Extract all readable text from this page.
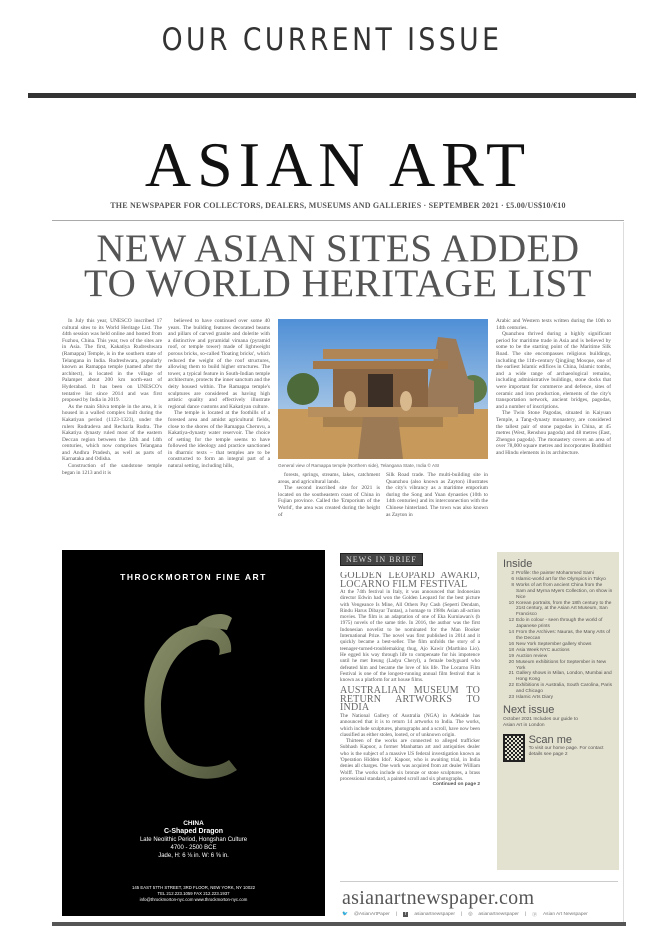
OUR CURRENT ISSUE
ASIAN ART
THE NEWSPAPER FOR COLLECTORS, DEALERS, MUSEUMS AND GALLERIES · SEPTEMBER 2021 · £5.00/US$10/€10
NEW ASIAN SITES ADDED
TO WORLD HERITAGE LIST

In July this year, UNESCO inscribed 17 cultural sites to its World Heritage List. The 44th session was held online and hosted from Fuzhou, China. This year, two of the sites are in Asia. The first, Kakatiya Rudreshwara (Ramappa) Temple, is in the southern state of Telangana in India. Rudreshwara, popularly known as Ramappa temple (named after the architect), is located in the village of Palampet about 200 km north-east of Hyderabad. It has been on UNESCO's tentative list since 2014 and was first proposed by India in 2019.

As the main Shiva temple in the area, it is housed in a walled complex built during the Kakatiyan period (1123-1323), under the rulers Rudradeva and Recharla Rudra. The Kakatiya dynasty ruled most of the eastern Deccan region between the 12th and 14th centuries, which now comprises Telangana and Andhra Pradesh, as well as parts of Karnataka and Odisha.

Construction of the sandstone temple began in 1213 and it is

believed to have continued over some 40 years. The building features decorated beams and pillars of carved granite and dolerite with a distinctive and pyramidal vimana (pyramid roof, or temple tower) made of lightweight porous bricks, so-called 'floating bricks', which reduced the weight of the roof structures, allowing them to build higher structures. The tower, a typical feature in South-Indian temple architecture, protects the inner sanctum and the deity housed within. The Ramappa temple's sculptures are considered as having high artistic quality and effectively illustrate regional dance customs and Kakatiyan culture.

The temple is located at the foothills of a forested area and amidst agricultural fields, close to the shores of the Ramappa Cheruvu, a Kakatiya-dynasty water reservoir. The choice of setting for the temple seems to have followed the ideology and practice sanctioned in dharmic texts – that temples are to be constructed to form an integral part of a natural setting, including hills,	General view of Ramappa temple (Northern side), Telangana State, India © ASI

forests, springs, streams, lakes, catchment areas, and agricultural lands.

The second inscribed site for 2021 is located on the southeastern coast of China in Fujian province. Called the 'Emporium of the World', the area was created during the height of

Silk Road trade. The multi-building site in Quanzhou (also known as Zayton) illustrates the city's vibrancy as a maritime emporium during the Song and Yuan dynasties (10th to 14th centuries) and its interconnection with the Chinese hinterland. The town was also known as Zayton in

Arabic and Western texts written during the 10th to 14th centuries.

Quanzhou thrived during a highly significant period for maritime trade in Asia and is believed by some to be the starting point of the Maritime Silk Road. The site encompasses religious buildings, including the 11th-century Qingjing Mosque, one of the earliest Islamic edifices in China, Islamic tombs, and a wide range of archaeological remains, including administrative buildings, stone docks that were important for commerce and defence, sites of ceramic and iron production, elements of the city's transportation network, ancient bridges, pagodas, and a number of inscriptions.

The Twin Stone Pagodas, situated in Kaiyuan Temple, a Tang-dynasty monastery, are considered the tallest pair of stone pagodas in China, at 45 metres (West, Renshou pagoda) and 48 metres (East, Zhenguo pagoda). The monastery covers an area of over 78,000 square metres and incorporates Buddhist and Hindu elements in its architecture.

THROCKMORTON FINE ART
CHINA
C-Shaped Dragon
Late Neolithic Period, Hongshan Culture
4700 - 2500 BCE
Jade, H: 6 ⅛ in. W: 6 ⅝ in.
145 EAST 57TH STREET, 3RD FLOOR, NEW YORK, NY 10022
TEL 212.223.1059 FAX 212.223.1937
info@throckmorton-nyc.com www.throckmorton-nyc.com
NEWS IN BRIEF
GOLDEN LEOPARD AWARD, LOCARNO FILM FESTIVAL

At the 74th festival in Italy, it was announced that Indonesian director Edwin had won the Golden Leopard for the best picture with Vengeance Is Mine, All Others Pay Cash (Seperti Dendam, Rindu Harus Dibayar Tuntas), a homage to 1980s Asian all-action movies. The film is an adaptation of one of Eka Kurniawan's (b 1975) novels of the same title. In 2016, the author was the first Indonesian novelist to be nominated for the Man Booker International Prize. The novel was first published in 2014 and it quickly became a best-seller. The film unfolds the story of a teenager-turned-troublemaking thug, Ajo Kawir (Marthino Lio). He egged his way through life to compensate for his impotence until he met Iteung (Ladya Cheryl), a female bodyguard who defeated him and became the love of his life. The Locarno Film Festival is one of the longest-running annual film festival that is known as a platform for art house films.

AUSTRALIAN MUSEUM TO RETURN ARTWORKS TO INDIA

The National Gallery of Australia (NGA) in Adelaide has announced that it is to return 14 artworks to India. The works, which include sculptures, photographs and a scroll, have now been classified as either stolen, looted, or of unknown origin.

Thirteen of the works are connected to alleged trafficker Subhash Kapoor, a former Manhattan art and antiquities dealer who is the subject of a massive US federal investigation known as 'Operation Hidden Idol'. Kapoor, who is awaiting trial, in India denies all charges. One work was acquired from art dealer William Wolff. The works include six bronze or stone sculptures, a brass processional standard, a painted scroll and six photographs.

Continued on page 2
Inside
2 Profile: the painter Mohammed Sami
6 Islamic-world art for the Olympics in Tokyo
8 Works of art from ancient China from the Sam and Myrna Myers Collection, on show in Nice
10 Korean portraits, from the 18th century to the 21st century, at the Asian Art Museum, San Francisco
12 Edo in colour - seen through the world of Japanese prints
14 From the Archives: Nauras, the Many Arts of the Deccan
16 New York September gallery shows
18 Asia Week NYC auctions
19 Auction review
20 Museum exhibitions for September in New York
21 Gallery shows in Milan, London, Mumbai and Hong Kong
22 Exhibitions in Australia, South Carolina, Paris and Chicago
23 Islamic Arts Diary
Next issue
October 2021 Includes our guide to Asian Art in London
Scan me
To visit our home page. For contact details see page 2
asianartnewspaper.com
🐦 @AsianArtPaper |	f	asianartnewspaper | ◎ asianartnewspaper | ⓟ Asian Art Newspaper
